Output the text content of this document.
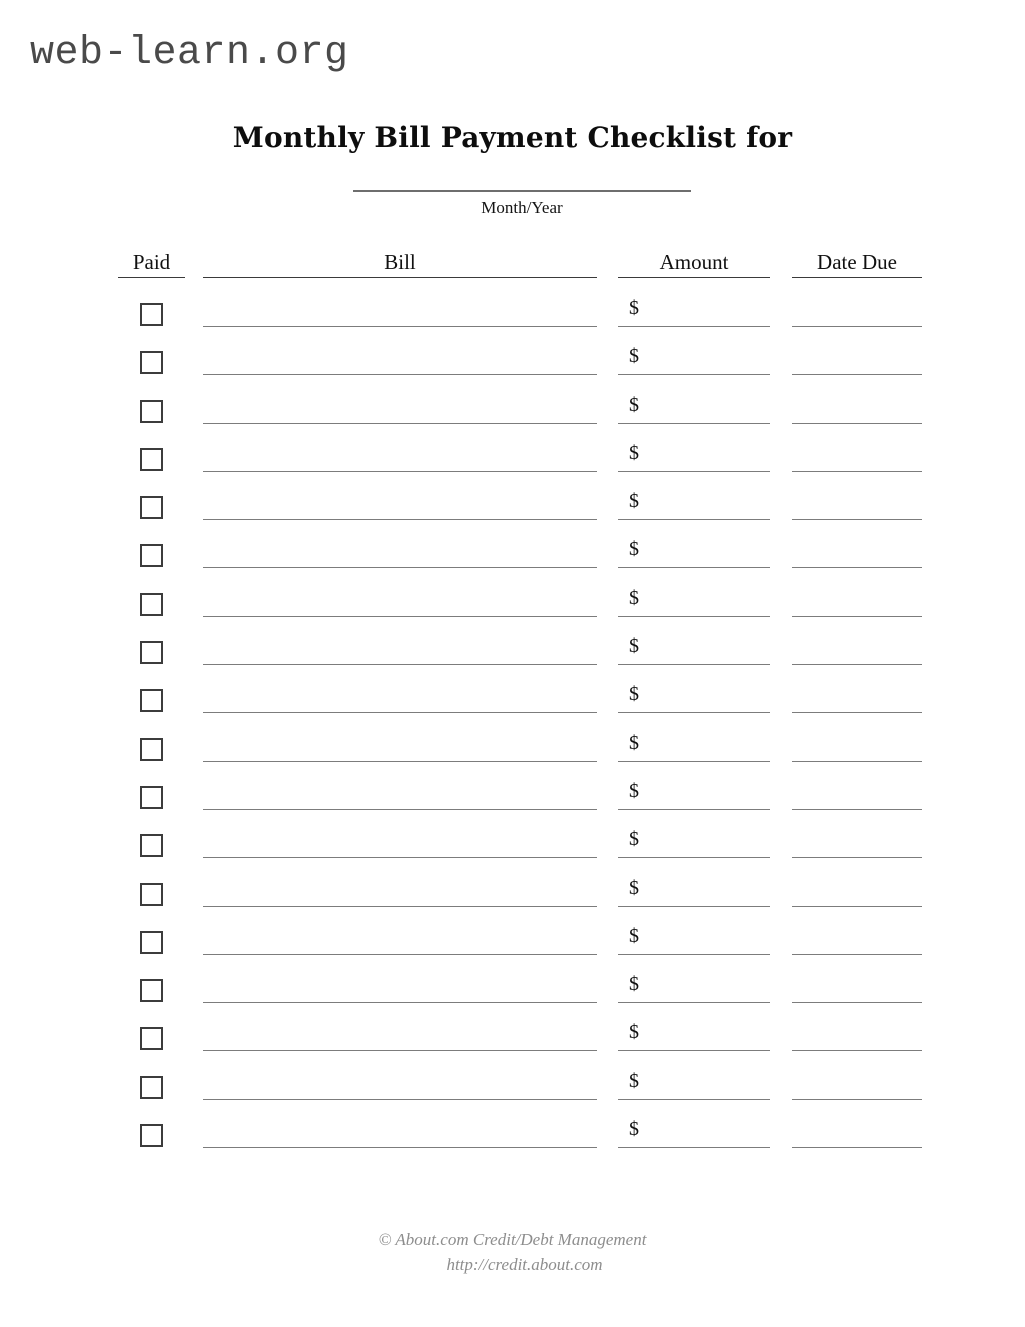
web-learn.org
Monthly Bill Payment Checklist for
Month/Year
Paid	Bill	Amount	Date Due
$
$
$
$
$
$
$
$
$
$
$
$
$
$
$
$
$
$
© About.com Credit/Debt Management
http://credit.about.com
